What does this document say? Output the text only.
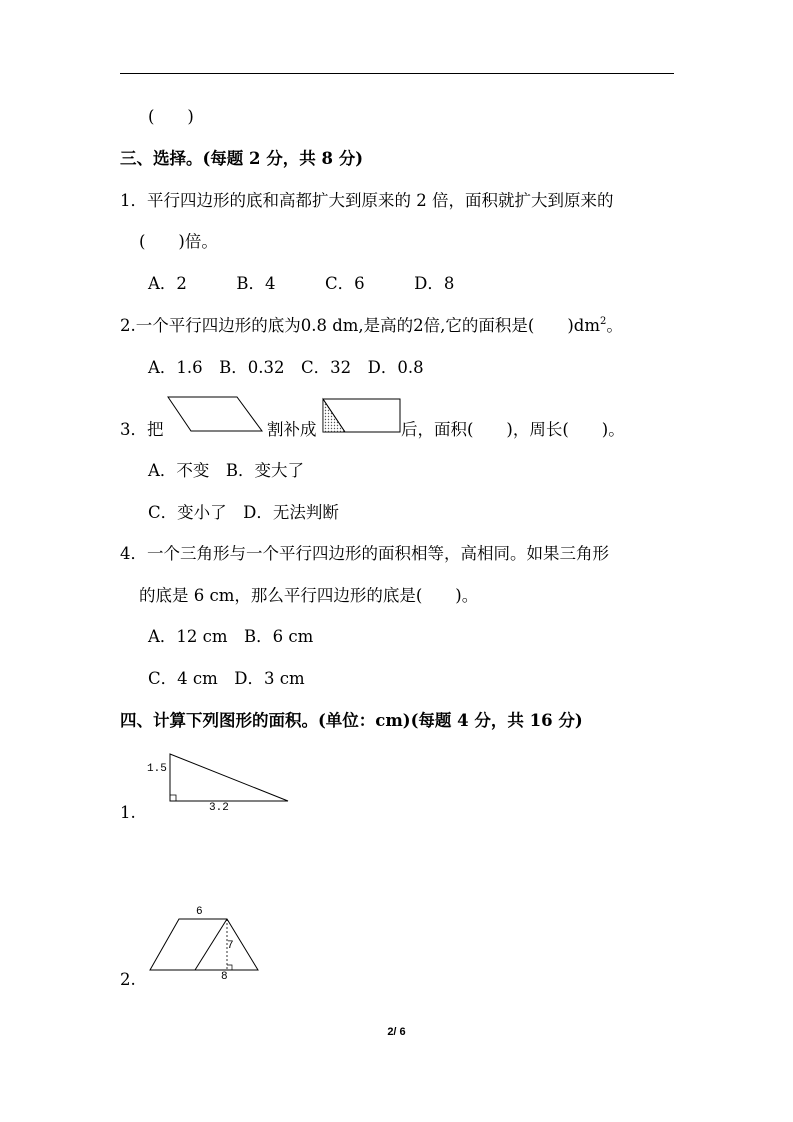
(　　)
三、选择。(每题 2 分，共 8 分)
1．平行四边形的底和高都扩大到原来的 2 倍，面积就扩大到原来的
(　　)倍。
A．2　　　B．4　　　C．6　　　D．8
2.一个平行四边形的底为0.8 dm,是高的2倍,它的面积是(　　)$dm^2$。
A．1.6　B．0.32　C．32　D．0.8
3．把	割补成	后，面积(　　)，周长(　　)。
A．不变　B．变大了
C．变小了　D．无法判断
4．一个三角形与一个平行四边形的面积相等，高相同。如果三角形
的底是 6 cm，那么平行四边形的底是(　　)。
A．12 cm　B．6 cm
C．4 cm　D．3 cm
四、计算下列图形的面积。(单位：cm)(每题 4 分，共 16 分)
1.
1.5
3.2
2.
6
7
8
2/ 6
